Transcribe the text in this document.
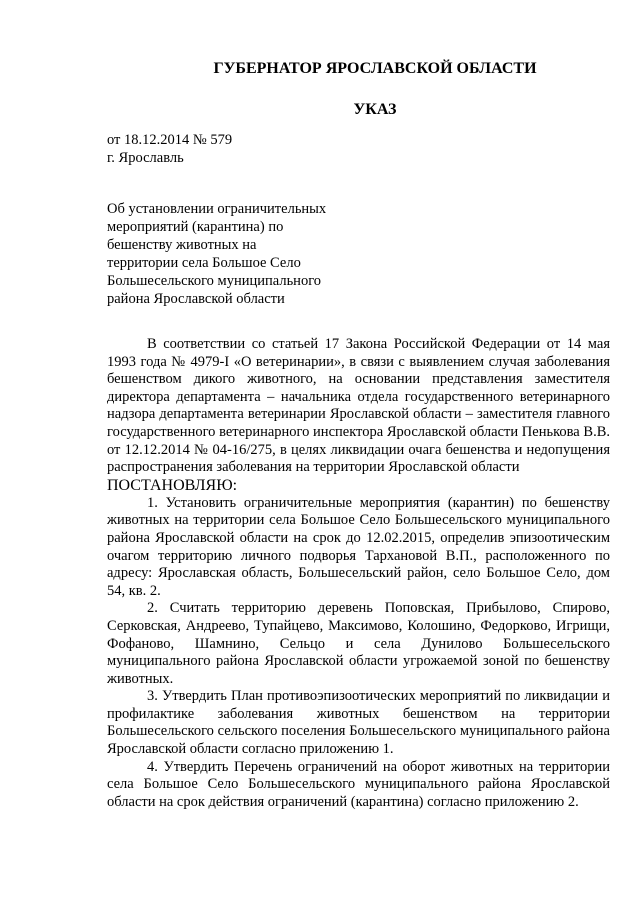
ГУБЕРНАТОР ЯРОСЛАВСКОЙ ОБЛАСТИ
УКАЗ
от 18.12.2014 № 579
г. Ярославль
Об установлении ограничительных
мероприятий (карантина) по
бешенству животных на
территории села Большое Село
Большесельского муниципального
района Ярославской области

В соответствии со статьей 17 Закона Российской Федерации от 14 мая 1993 года № 4979-I «О ветеринарии», в связи с выявлением случая заболевания бешенством дикого животного, на основании представления заместителя директора департамента – начальника отдела государственного ветеринарного надзора департамента ветеринарии Ярославской области – заместителя главного государственного ветеринарного инспектора Ярославской области Пенькова В.В. от 12.12.2014 № 04-16/275, в целях ликвидации очага бешенства и недопущения распространения заболевания на территории Ярославской области

ПОСТАНОВЛЯЮ:

1. Установить ограничительные мероприятия (карантин) по бешенству животных на территории села Большое Село Большесельского муниципального района Ярославской области на срок до 12.02.2015, определив эпизоотическим очагом территорию личного подворья Тархановой В.П., расположенного по адресу: Ярославская область, Большесельский район, село Большое Село, дом 54, кв. 2.

2. Считать территорию деревень Поповская, Прибылово, Спирово, Серковская, Андреево, Тупайцево, Максимово, Колошино, Федорково, Игрищи, Фофаново, Шамнино, Сельцо и села Дунилово Большесельского муниципального района Ярославской области угрожаемой зоной по бешенству животных.

3. Утвердить План противоэпизоотических мероприятий по ликвидации и профилактике заболевания животных бешенством на территории Большесельского сельского поселения Большесельского муниципального района Ярославской области согласно приложению 1.

4. Утвердить Перечень ограничений на оборот животных на территории села Большое Село Большесельского муниципального района Ярославской области на срок действия ограничений (карантина) согласно приложению 2.
